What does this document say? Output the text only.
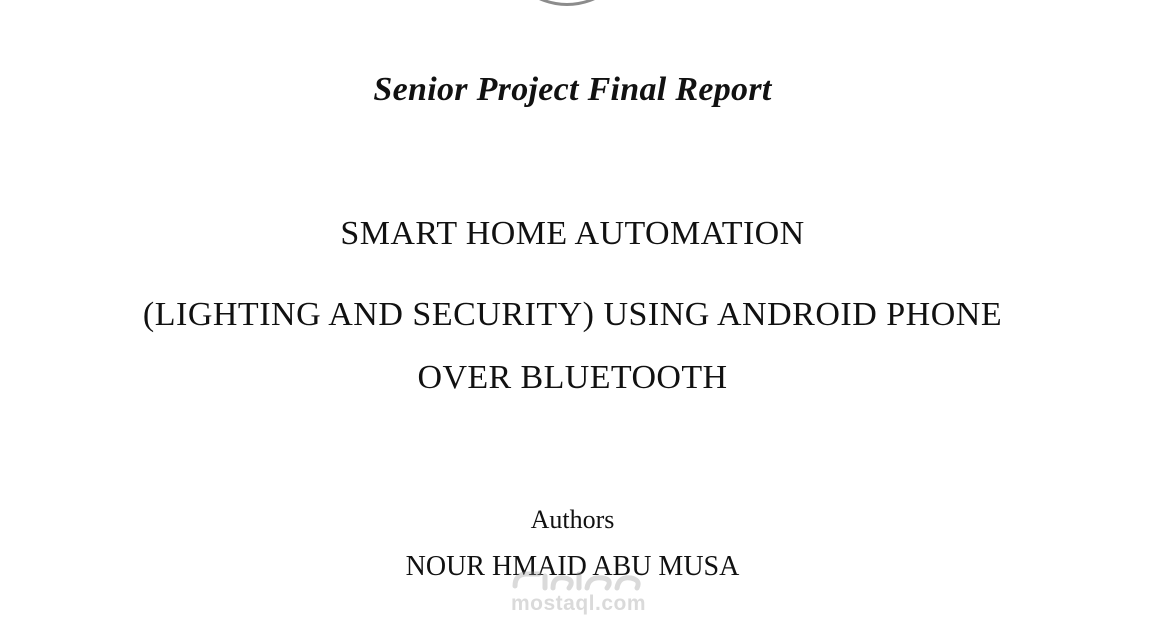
Senior Project Final Report
SMART HOME AUTOMATION
(LIGHTING AND SECURITY) USING ANDROID PHONE
OVER BLUETOOTH
Authors
NOUR HMAID ABU MUSA
mostaql.com
